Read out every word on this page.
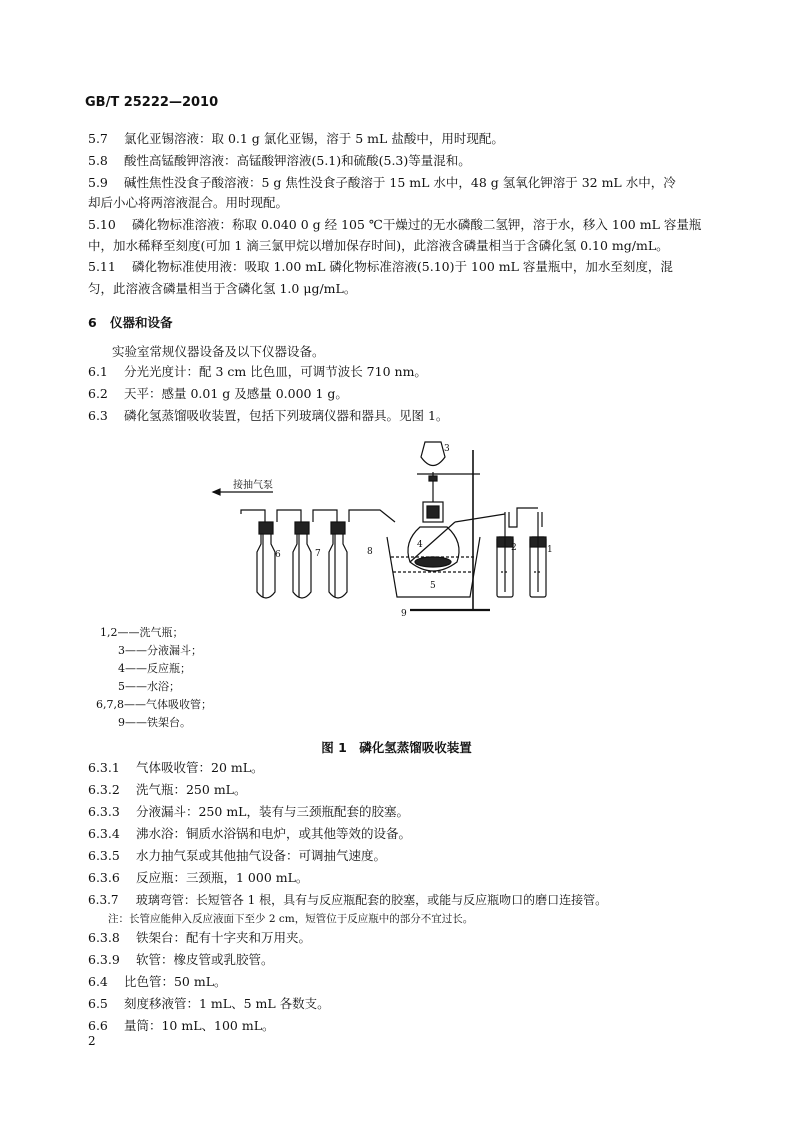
GB/T 25222—2010
5.7 氯化亚锡溶液：取 0.1 g 氯化亚锡，溶于 5 mL 盐酸中，用时现配。
5.8 酸性高锰酸钾溶液：高锰酸钾溶液(5.1)和硫酸(5.3)等量混和。
5.9 碱性焦性没食子酸溶液：5 g 焦性没食子酸溶于 15 mL 水中，48 g 氢氧化钾溶于 32 mL 水中，冷
却后小心将两溶液混合。用时现配。
5.10 磷化物标准溶液：称取 0.040 0 g 经 105 ℃干燥过的无水磷酸二氢钾，溶于水，移入 100 mL 容量瓶
中，加水稀释至刻度(可加 1 滴三氯甲烷以增加保存时间)，此溶液含磷量相当于含磷化氢 0.10 mg/mL。
5.11 磷化物标准使用液：吸取 1.00 mL 磷化物标准溶液(5.10)于 100 mL 容量瓶中，加水至刻度，混
匀，此溶液含磷量相当于含磷化氢 1.0 μg/mL。
6 仪器和设备
实验室常规仪器设备及以下仪器设备。
6.1 分光光度计：配 3 cm 比色皿，可调节波长 710 nm。
6.2 天平：感量 0.01 g 及感量 0.000 1 g。
6.3 磷化氢蒸馏吸收装置，包括下列玻璃仪器和器具。见图 1。
接抽气泵
1
2
3
4
5
6	7	8
9
1,2——洗气瓶；
3——分液漏斗；
4——反应瓶；
5——水浴；
6,7,8——气体吸收管；
9——铁架台。
图 1　磷化氢蒸馏吸收装置
6.3.1 气体吸收管：20 mL。
6.3.2 洗气瓶：250 mL。
6.3.3 分液漏斗：250 mL，装有与三颈瓶配套的胶塞。
6.3.4 沸水浴：铜质水浴锅和电炉，或其他等效的设备。
6.3.5 水力抽气泵或其他抽气设备：可调抽气速度。
6.3.6 反应瓶：三颈瓶，1 000 mL。
6.3.7 玻璃弯管：长短管各 1 根，具有与反应瓶配套的胶塞，或能与反应瓶吻口的磨口连接管。
注：长管应能伸入反应液面下至少 2 cm，短管位于反应瓶中的部分不宜过长。
6.3.8 铁架台：配有十字夹和万用夹。
6.3.9 软管：橡皮管或乳胶管。
6.4 比色管：50 mL。
6.5 刻度移液管：1 mL、5 mL 各数支。
6.6 量筒：10 mL、100 mL。
2
